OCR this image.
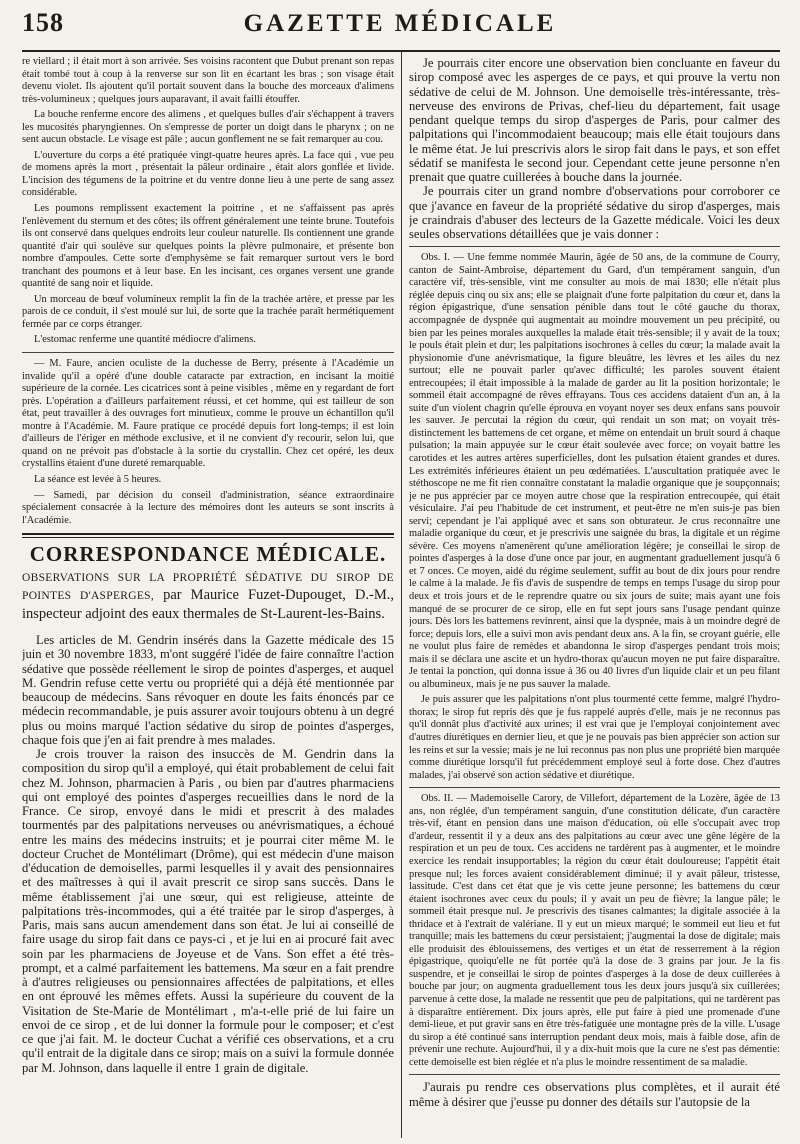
158	GAZETTE MÉDICALE

re viellard ; il était mort à son arrivée. Ses voisins racontent que Dubut prenant son repas était tombé tout à coup à la renverse sur son lit en écartant les bras ; son visage était devenu violet. Ils ajoutent qu'il portait souvent dans la bouche des morceaux d'alimens très-volumineux ; quelques jours auparavant, il avait failli étouffer.

La bouche renferme encore des alimens , et quelques bulles d'air s'échappent à travers les mucosités pharyngiennes. On s'empresse de porter un doigt dans le pharynx ; on ne sent aucun obstacle. Le visage est pâle ; aucun gonflement ne se fait remarquer au cou.

L'ouverture du corps a été pratiquée vingt-quatre heures après. La face qui , vue peu de momens après la mort , présentait la pâleur ordinaire , était alors gonflée et livide. L'incision des tégumens de la poitrine et du ventre donne lieu à une perte de sang assez considérable.

Les poumons remplissent exactement la poitrine , et ne s'affaissent pas après l'enlèvement du sternum et des côtes; ils offrent généralement une teinte brune. Toutefois ils ont conservé dans quelques endroits leur couleur naturelle. Ils contiennent une grande quantité d'air qui soulève sur quelques points la plèvre pulmonaire, et présente bon nombre d'ampoules. Cette sorte d'emphysème se fait remarquer surtout vers le bord tranchant des poumons et à leur base. En les incisant, ces organes versent une grande quantité de sang noir et liquide.

Un morceau de bœuf volumineux remplit la fin de la trachée artère, et presse par les parois de ce conduit, il s'est moulé sur lui, de sorte que la trachée paraît hermétiquement fermée par ce corps étranger.

L'estomac renferme une quantité médiocre d'alimens.

— M. Faure, ancien oculiste de la duchesse de Berry, présente à l'Académie un invalide qu'il a opéré d'une double cataracte par extraction, en incisant la moitié supérieure de la cornée. Les cicatrices sont à peine visibles , même en y regardant de fort près. L'opération a d'ailleurs parfaitement réussi, et cet homme, qui est tailleur de son état, peut travailler à des ouvrages fort minutieux, comme le prouve un échantillon qu'il montre à l'Académie. M. Faure pratique ce procédé depuis fort long-temps; il est loin d'ailleurs de l'ériger en méthode exclusive, et il ne convient d'y recourir, selon lui, que quand on ne prévoit pas d'obstacle à la sortie du crystallin. Chez cet opéré, les deux crystallins étaient d'une dureté remarquable.

La séance est levée à 5 heures.

— Samedi, par décision du conseil d'administration, séance extraordinaire spécialement consacrée à la lecture des mémoires dont les auteurs se sont inscrits à l'Académie.

CORRESPONDANCE MÉDICALE.
OBSERVATIONS SUR LA PROPRIÉTÉ SÉDATIVE DU SIROP DE POINTES D'ASPERGES, par Maurice Fuzet-Dupouget, D.-M., inspecteur adjoint des eaux thermales de St-Laurent-les-Bains.

Les articles de M. Gendrin insérés dans la Gazette médicale des 15 juin et 30 novembre 1833, m'ont suggéré l'idée de faire connaître l'action sédative que possède réellement le sirop de pointes d'asperges, et auquel M. Gendrin refuse cette vertu ou propriété qui a déjà été mentionnée par beaucoup de médecins. Sans révoquer en doute les faits énoncés par ce médecin recommandable, je puis assurer avoir toujours obtenu à un degré plus ou moins marqué l'action sédative du sirop de pointes d'asperges, chaque fois que j'en ai fait prendre à mes malades.

Je crois trouver la raison des insuccès de M. Gendrin dans la composition du sirop qu'il a employé, qui était probablement de celui fait chez M. Johnson, pharmacien à Paris , ou bien par d'autres pharmaciens qui ont employé des pointes d'asperges recueillies dans le nord de la France. Ce sirop, envoyé dans le midi et prescrit à des malades tourmentés par des palpitations nerveuses ou anévrismatiques, a échoué entre les mains des médecins instruits; et je pourrai citer même M. le docteur Cruchet de Montélimart (Drôme), qui est médecin d'une maison d'éducation de demoiselles, parmi lesquelles il y avait des pensionnaires et des maîtresses à qui il avait prescrit ce sirop sans succès. Dans le même établissement j'ai une sœur, qui est religieuse, atteinte de palpitations très-incommodes, qui a été traitée par le sirop d'asperges, à Paris, mais sans aucun amendement dans son état. Je lui ai conseillé de faire usage du sirop fait dans ce pays-ci , et je lui en ai procuré fait avec soin par les pharmaciens de Joyeuse et de Vans. Son effet a été très-prompt, et a calmé parfaitement les battemens. Ma sœur en a fait prendre à d'autres religieuses ou pensionnaires affectées de palpitations, et elles en ont éprouvé les mêmes effets. Aussi la supérieure du couvent de la Visitation de Ste-Marie de Montélimart , m'a-t-elle prié de lui faire un envoi de ce sirop , et de lui donner la formule pour le composer; et c'est ce que j'ai fait. M. le docteur Cuchat a vérifié ces observations, et a cru qu'il entrait de la digitale dans ce sirop; mais on a suivi la formule donnée par M. Johnson, dans laquelle il entre 1 grain de digitale.

Je pourrais citer encore une observation bien concluante en faveur du sirop composé avec les asperges de ce pays, et qui prouve la vertu non sédative de celui de M. Johnson. Une demoiselle très-intéressante, très-nerveuse des environs de Privas, chef-lieu du département, fait usage pendant quelque temps du sirop d'asperges de Paris, pour calmer des palpitations qui l'incommodaient beaucoup; mais elle était toujours dans le même état. Je lui prescrivis alors le sirop fait dans le pays, et son effet sédatif se manifesta le second jour. Cependant cette jeune personne n'en prenait que quatre cuillerées à bouche dans la journée.

Je pourrais citer un grand nombre d'observations pour corroborer ce que j'avance en faveur de la propriété sédative du sirop d'asperges, mais je craindrais d'abuser des lecteurs de la Gazette médicale. Voici les deux seules observations détaillées que je vais donner :

Obs. I. — Une femme nommée Maurin, âgée de 50 ans, de la commune de Courry, canton de Saint-Ambroise, département du Gard, d'un tempérament sanguin, d'un caractère vif, très-sensible, vint me consulter au mois de mai 1830; elle n'était plus réglée depuis cinq ou six ans; elle se plaignait d'une forte palpitation du cœur et, dans la région épigastrique, d'une sensation pénible dans tout le côté gauche du thorax, accompagnée de dyspnée qui augmentait au moindre mouvement un peu précipité, ou bien par les peines morales auxquelles la malade était très-sensible; il y avait de la toux; le pouls était plein et dur; les palpitations isochrones à celles du cœur; la malade avait la physionomie d'une anévrismatique, la figure bleuâtre, les lèvres et les ailes du nez surtout; elle ne pouvait parler qu'avec difficulté; les paroles souvent étaient entrecoupées; il était impossible à la malade de garder au lit la position horizontale; le sommeil était accompagné de rêves effrayans. Tous ces accidens dataient d'un an, à la suite d'un violent chagrin qu'elle éprouva en voyant noyer ses deux enfans sans pouvoir les sauver. Je percutai la région du cœur, qui rendait un son mat; on voyait très-distinctement les battemens de cet organe, et même on entendait un bruit sourd à chaque pulsation; la main appuyée sur le cœur était soulevée avec force; on voyait battre les carotides et les autres artères superficielles, dont les pulsation étaient grandes et dures. Les extrémités inférieures étaient un peu œdématiées. L'auscultation pratiquée avec le stéthoscope ne me fit rien connaître constatant la maladie organique que je soupçonnais; je ne pus apprécier par ce moyen autre chose que la respiration entrecoupée, qui était vésiculaire. J'ai peu l'habitude de cet instrument, et peut-être ne m'en suis-je pas bien servi; cependant je l'ai appliqué avec et sans son obturateur. Je crus reconnaître une maladie organique du cœur, et je prescrivis une saignée du bras, la digitale et un régime sévère. Ces moyens n'amenèrent qu'une amélioration légère; je conseillai le sirop de pointes d'asperges à la dose d'une once par jour, en augmentant graduellement jusqu'à 6 et 7 onces. Ce moyen, aidé du régime seulement, suffit au bout de dix jours pour rendre le calme à la malade. Je fis d'avis de suspendre de temps en temps l'usage du sirop pour deux et trois jours et de le reprendre quatre ou six jours de suite; mais ayant une fois manqué de se procurer de ce sirop, elle en fut sept jours sans l'usage pendant quinze jours. Dès lors les battemens revinrent, ainsi que la dyspnée, mais à un moindre degré de force; depuis lors, elle a suivi mon avis pendant deux ans. A la fin, se croyant guérie, elle ne voulut plus faire de remèdes et abandonna le sirop d'asperges pendant trois mois; mais il se déclara une ascite et un hydro-thorax qu'aucun moyen ne put faire disparaître. Je tentai la ponction, qui donna issue à 36 ou 40 livres d'un liquide clair et un peu filant ou albumineux, mais je ne pus sauver la malade.

Je puis assurer que les palpitations n'ont plus tourmenté cette femme, malgré l'hydro-thorax; le sirop fut repris dès que je fus rappelé auprès d'elle, mais je ne reconnus pas qu'il donnât plus d'activité aux urines; il est vrai que je l'employai conjointement avec d'autres diurétiques en dernier lieu, et que je ne pouvais pas bien apprécier son action sur les reins et sur la vessie; mais je ne lui reconnus pas non plus une propriété bien marquée comme diurétique lorsqu'il fut précédemment employé seul à forte dose. Chez d'autres malades, j'ai observé son action sédative et diurétique.

Obs. II. — Mademoiselle Carory, de Villefort, département de la Lozère, âgée de 13 ans, non réglée, d'un tempérament sanguin, d'une constitution délicate, d'un caractère très-vif, étant en pension dans une maison d'éducation, où elle s'occupait avec trop d'ardeur, ressentit il y a deux ans des palpitations au cœur avec une gêne légère de la respiration et un peu de toux. Ces accidens ne tardèrent pas à augmenter, et le moindre exercice les rendait insupportables; la région du cœur était douloureuse; l'appétit était presque nul; les forces avaient considérablement diminué; il y avait pâleur, tristesse, lassitude. C'est dans cet état que je vis cette jeune personne; les battemens du cœur étaient isochrones avec ceux du pouls; il y avait un peu de fièvre; la langue pâle; le sommeil était presque nul. Je prescrivis des tisanes calmantes; la digitale associée à la thridace et à l'extrait de valériane. Il y eut un mieux marqué; le sommeil eut lieu et fut tranquille; mais les battemens du cœur persistaient; j'augmentai la dose de digitale; mais elle produisit des éblouissemens, des vertiges et un état de resserrement à la région épigastrique, quoiqu'elle ne fût portée qu'à la dose de 3 grains par jour. Je la fis suspendre, et je conseillai le sirop de pointes d'asperges à la dose de deux cuillerées à bouche par jour; on augmenta graduellement tous les deux jours jusqu'à six cuillerées; parvenue à cette dose, la malade ne ressentit que peu de palpitations, qui ne tardèrent pas à disparaître entièrement. Dix jours après, elle put faire à pied une promenade d'une demi-lieue, et put gravir sans en être très-fatiguée une montagne près de la ville. L'usage du sirop a été continué sans interruption pendant deux mois, mais à faible dose, afin de prévenir une rechute. Aujourd'hui, il y a dix-huit mois que la cure ne s'est pas démentie: cette demoiselle est bien réglée et n'a plus le moindre ressentiment de sa maladie.

J'aurais pu rendre ces observations plus complètes, et il aurait été même à désirer que j'eusse pu donner des détails sur l'autopsie de la
